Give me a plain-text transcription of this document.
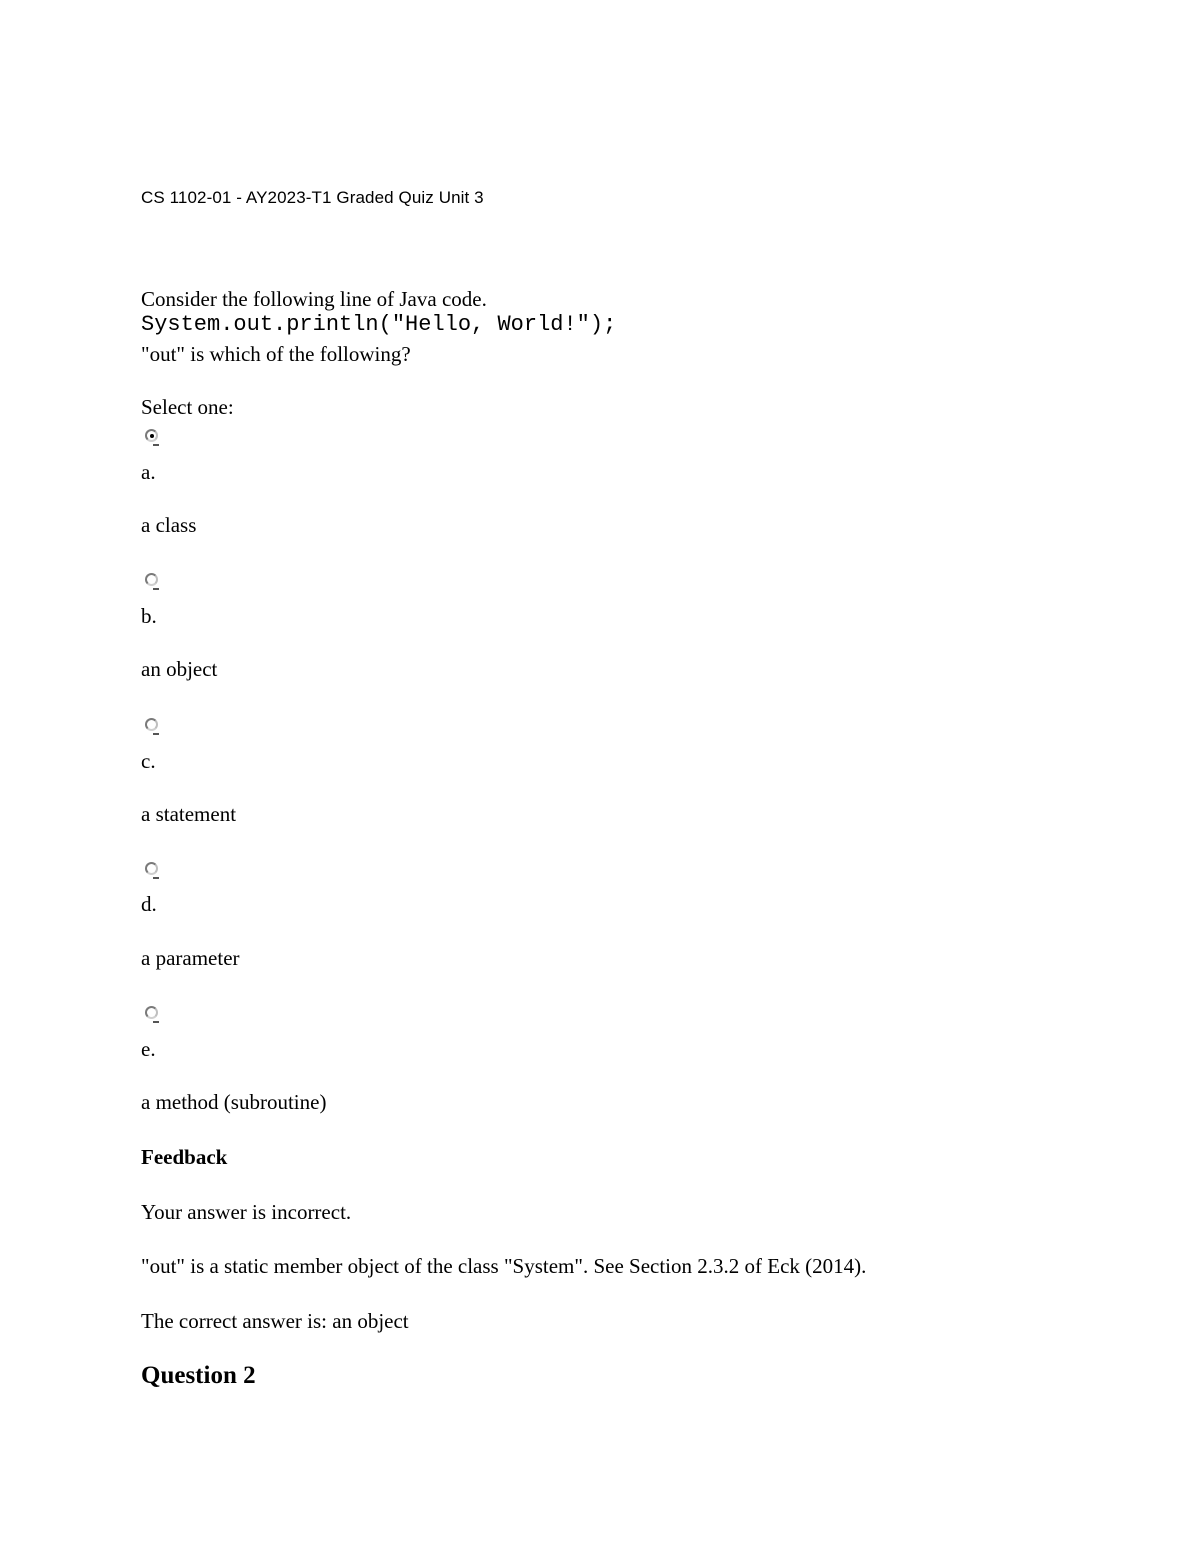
CS 1102-01 - AY2023-T1 Graded Quiz Unit 3
Consider the following line of Java code.
System.out.println("Hello, World!");
"out" is which of the following?
Select one:
a.
a class
b.
an object
c.
a statement
d.
a parameter
e.
a method (subroutine)
Feedback
Your answer is incorrect.
"out" is a static member object of the class "System". See Section 2.3.2 of Eck (2014).
The correct answer is: an object
Question 2
